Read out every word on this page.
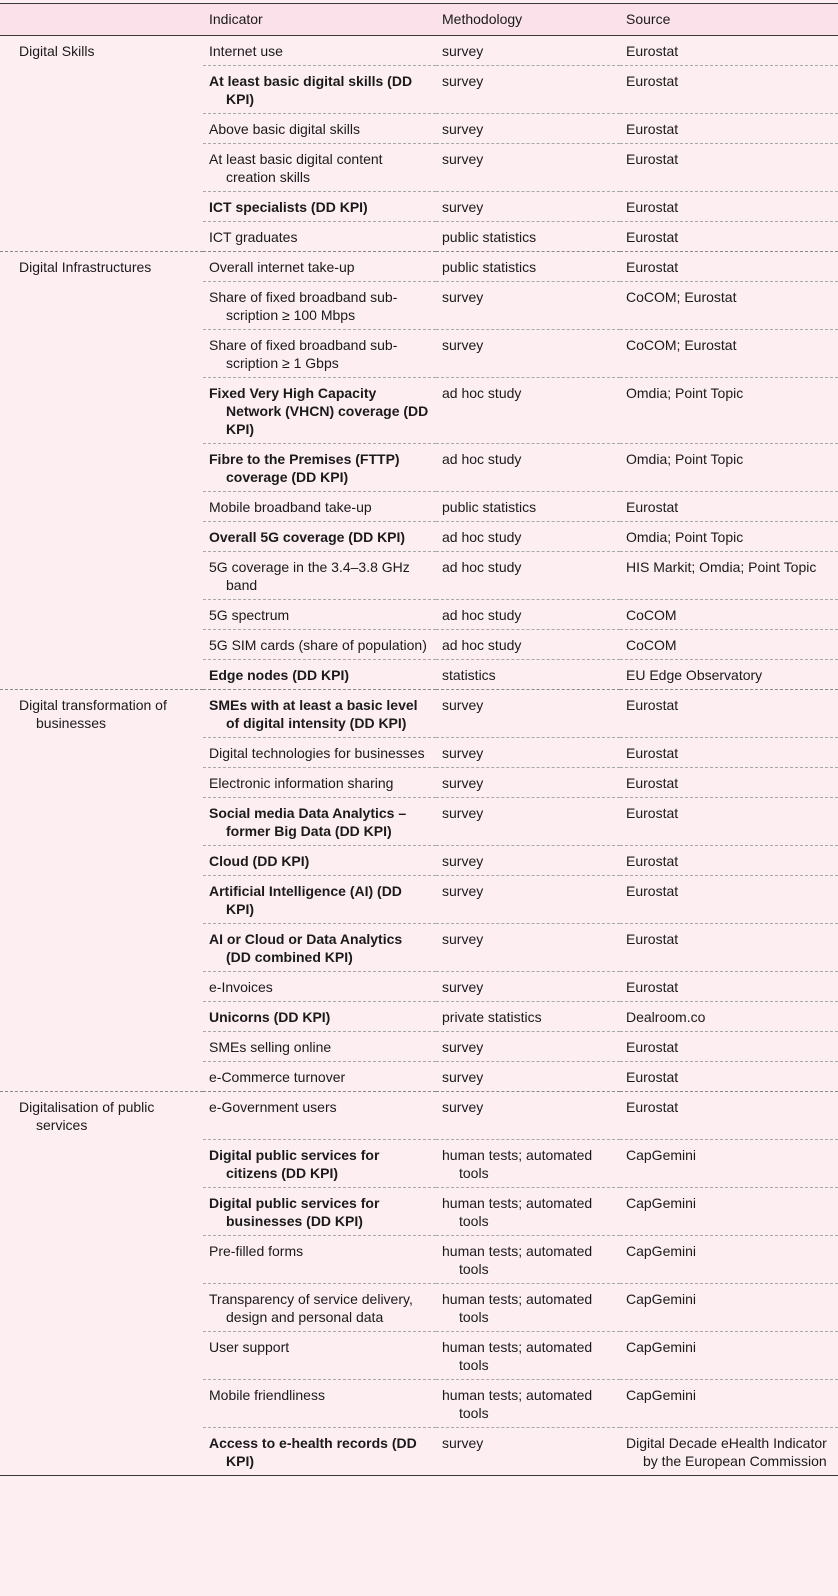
	Indicator	Methodology	Source

Digital Skills	Internet use	survey	Eurostat

	At least basic digital skills (DD KPI)	survey	Eurostat

	Above basic digital skills	survey	Eurostat

	At least basic digital content creation skills	survey	Eurostat

	ICT specialists (DD KPI)	survey	Eurostat

	ICT graduates	public statistics	Eurostat

Digital Infrastructures	Overall internet take-up	public statistics	Eurostat

	Share of fixed broadband sub-scription ≥ 100 Mbps	survey	CoCOM; Eurostat

	Share of fixed broadband sub-scription ≥ 1 Gbps	survey	CoCOM; Eurostat

	Fixed Very High Capacity Network (VHCN) coverage (DD KPI)	ad hoc study	Omdia; Point Topic

	Fibre to the Premises (FTTP) coverage (DD KPI)	ad hoc study	Omdia; Point Topic

	Mobile broadband take-up	public statistics	Eurostat

	Overall 5G coverage (DD KPI)	ad hoc study	Omdia; Point Topic

	5G coverage in the 3.4–3.8 GHz band	ad hoc study	HIS Markit; Omdia; Point Topic

	5G spectrum	ad hoc study	CoCOM

	5G SIM cards (share of population)	ad hoc study	CoCOM

	Edge nodes (DD KPI)	statistics	EU Edge Observatory

Digital transformation of businesses	SMEs with at least a basic level of digital intensity (DD KPI)	survey	Eurostat

	Digital technologies for businesses	survey	Eurostat

	Electronic information sharing	survey	Eurostat

	Social media Data Analytics – former Big Data (DD KPI)	survey	Eurostat

	Cloud (DD KPI)	survey	Eurostat

	Artificial Intelligence (AI) (DD KPI)	survey	Eurostat

	AI or Cloud or Data Analytics (DD combined KPI)	survey	Eurostat

	e-Invoices	survey	Eurostat

	Unicorns (DD KPI)	private statistics	Dealroom.co

	SMEs selling online	survey	Eurostat

	e-Commerce turnover	survey	Eurostat

Digitalisation of public services	e-Government users	survey	Eurostat

	Digital public services for citizens (DD KPI)	human tests; automated tools	CapGemini

	Digital public services for businesses (DD KPI)	human tests; automated tools	CapGemini

	Pre-filled forms	human tests; automated tools	CapGemini

	Transparency of service delivery, design and personal data	human tests; automated tools	CapGemini

	User support	human tests; automated tools	CapGemini

	Mobile friendliness	human tests; automated tools	CapGemini

	Access to e-health records (DD KPI)	survey	Digital Decade eHealth Indicator by the European Commission
